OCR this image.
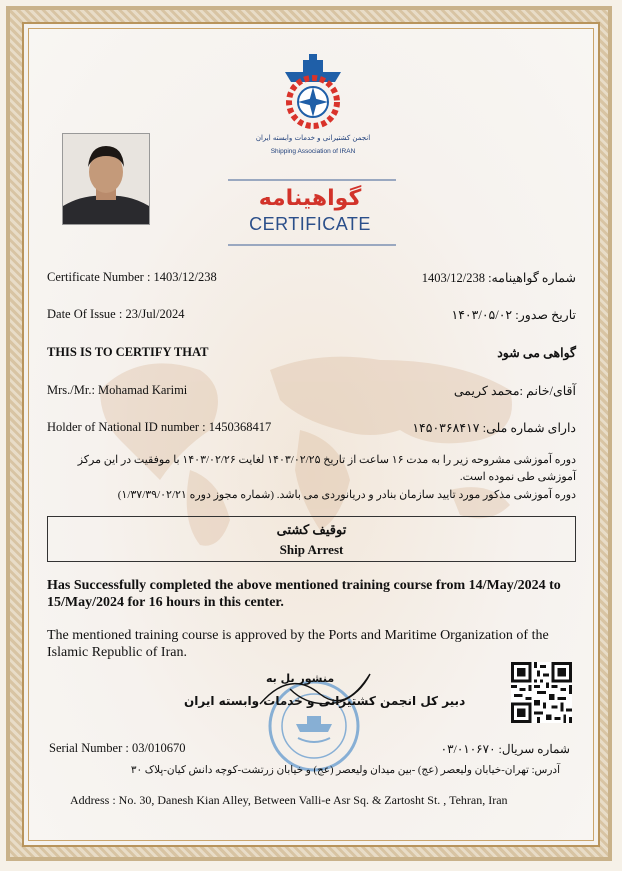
انجمن کشتیرانی و خدمات وابسته ایران
Shipping Association of IRAN
گواهینامه
CERTIFICATE
Certificate Number : 1403/12/238	شماره گواهینامه: 1403/12/238
Date Of Issue : 23/Jul/2024	تاریخ صدور: ۱۴۰۳/۰۵/۰۲
THIS IS TO CERTIFY THAT	گواهی می شود
Mrs./Mr.: Mohamad Karimi	آقای/خانم :محمد کریمی
Holder of National ID number : 1450368417	دارای شماره ملی: ۱۴۵۰۳۶۸۴۱۷
دوره آموزشی مشروحه زیر را به مدت ۱۶ ساعت از تاریخ ۱۴۰۳/۰۲/۲۵ لغایت ۱۴۰۳/۰۲/۲۶ با موفقیت در این مرکز آموزشی طی نموده است.
دوره آموزشی مذکور مورد تایید سازمان بنادر و دریانوردی می باشد. (شماره مجوز دوره ۱/۳۷/۳۹/۰۲/۲۱)
توقیف کشتی
Ship Arrest
Has Successfully completed the above mentioned training course from 14/May/2024 to 15/May/2024 for 16 hours in this center.
The mentioned training course is approved by the Ports and Maritime Organization of the Islamic Republic of Iran.
منشور بل به
دبیر کل انجمن کشتیرانی و خدمات وابسته ایران
Serial Number : 03/010670	شماره سریال: ۰۳/۰۱۰۶۷۰
آدرس: تهران-خیابان ولیعصر (عج) -بین میدان ولیعصر (عج) و خیابان زرتشت-کوچه دانش کیان-پلاک ۳۰
Address : No. 30, Danesh Kian Alley, Between Valli-e Asr Sq. & Zartosht St. , Tehran, Iran
